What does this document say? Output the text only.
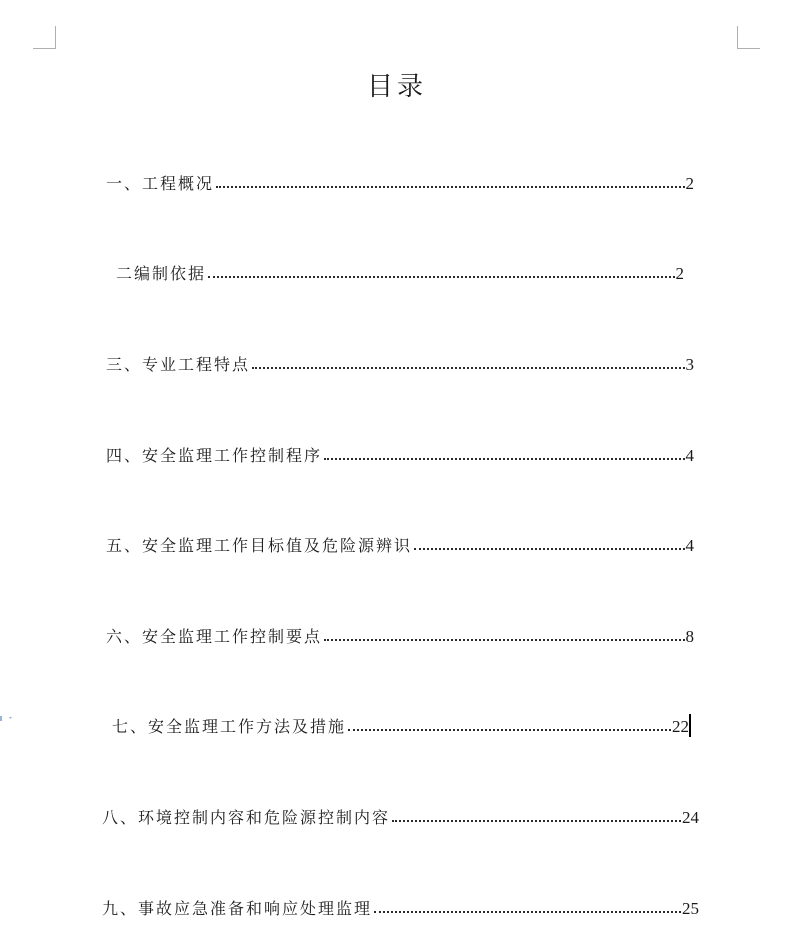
目录
一、工程概况	2
二编制依据	2
三、专业工程特点	3
四、安全监理工作控制程序	4
五、安全监理工作目标值及危险源辨识	4
六、安全监理工作控制要点	8
七、安全监理工作方法及措施	22
八、环境控制内容和危险源控制内容	24
九、事故应急准备和响应处理监理	25
